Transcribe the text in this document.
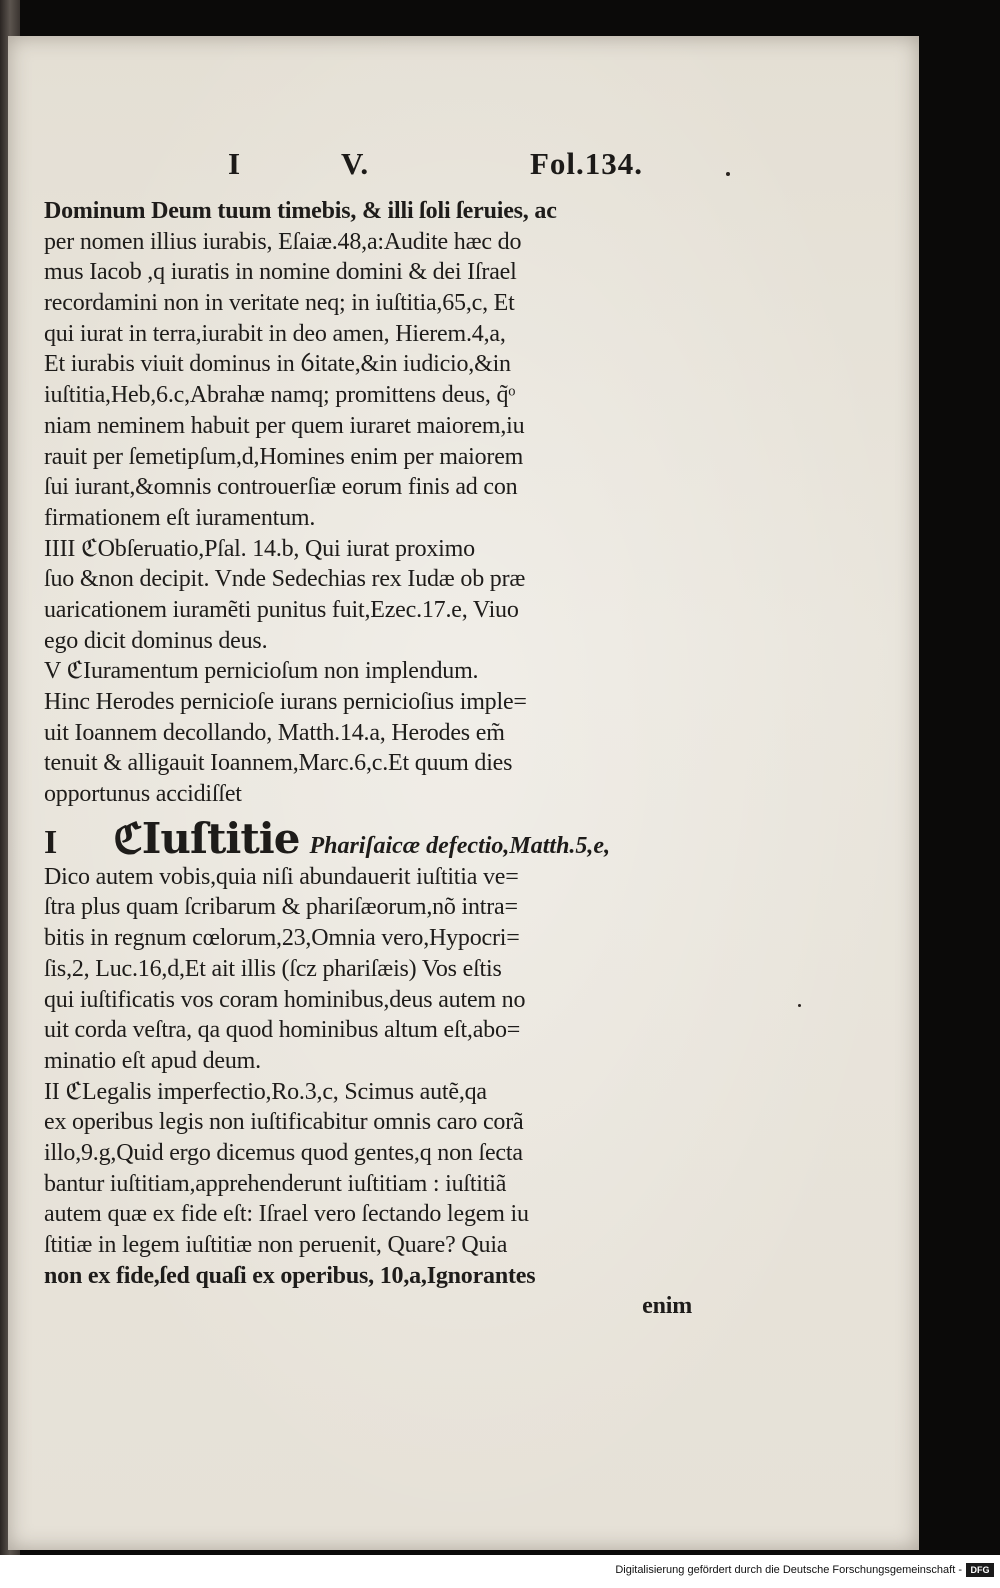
I	V.	Fol.134.
Dominum Deum tuum timebis, & illi ſoli ſeruies, ac
per nomen illius iurabis, Eſaiæ.48,a:Audite hæc do
mus Iacob ,q iuratis in nomine domini & dei Iſrael
recordamini non in veritate neq; in iuſtitia,65,c, Et
qui iurat in terra,iurabit in deo amen, Hierem.4,a,
Et iurabis viuit dominus in ỽitate,&in iudicio,&in
iuſtitia,Heb,6.c,Abrahæ namq; promittens deus, q̃ᵒ
niam neminem habuit per quem iuraret maiorem,iu
rauit per ſemetipſum,d,Homines enim per maiorem
ſui iurant,&omnis controuerſiæ eorum finis ad con
firmationem eſt iuramentum.
IIII ℭObſeruatio,Pſal. 14.b, Qui iurat proximo
ſuo &non decipit. Vnde Sedechias rex Iudæ ob præ
uaricationem iuramẽti punitus fuit,Ezec.17.e, Viuo
ego dicit dominus deus.
V ℭIuramentum pernicioſum non implendum.
Hinc Herodes pernicioſe iurans pernicioſius imple=
uit Ioannem decollando, Matth.14.a, Herodes em̃
tenuit & alligauit Ioannem,Marc.6,c.Et quum dies
opportunus accidiſſet
I ℭIuſtitie Phariſaicæ defectio,Matth.5,e,
Dico autem vobis,quia niſi abundauerit iuſtitia ve=
ſtra plus quam ſcribarum & phariſæorum,nõ intra=
bitis in regnum cœlorum,23,Omnia vero,Hypocri=
ſis,2, Luc.16,d,Et ait illis (ſcz phariſæis) Vos eſtis
qui iuſtificatis vos coram hominibus,deus autem no
uit corda veſtra, qa quod hominibus altum eſt,abo=
minatio eſt apud deum.
II ℭLegalis imperfectio,Ro.3,c, Scimus autẽ,qa
ex operibus legis non iuſtificabitur omnis caro corã
illo,9.g,Quid ergo dicemus quod gentes,q non ſecta
bantur iuſtitiam,apprehenderunt iuſtitiam : iuſtitiã
autem quæ ex fide eſt: Iſrael vero ſectando legem iu
ſtitiæ in legem iuſtitiæ non peruenit, Quare? Quia
non ex fide,ſed quaſi ex operibus, 10,a,Ignorantes
enim
Digitalisierung gefördert durch die Deutsche Forschungsgemeinschaft - DFG
